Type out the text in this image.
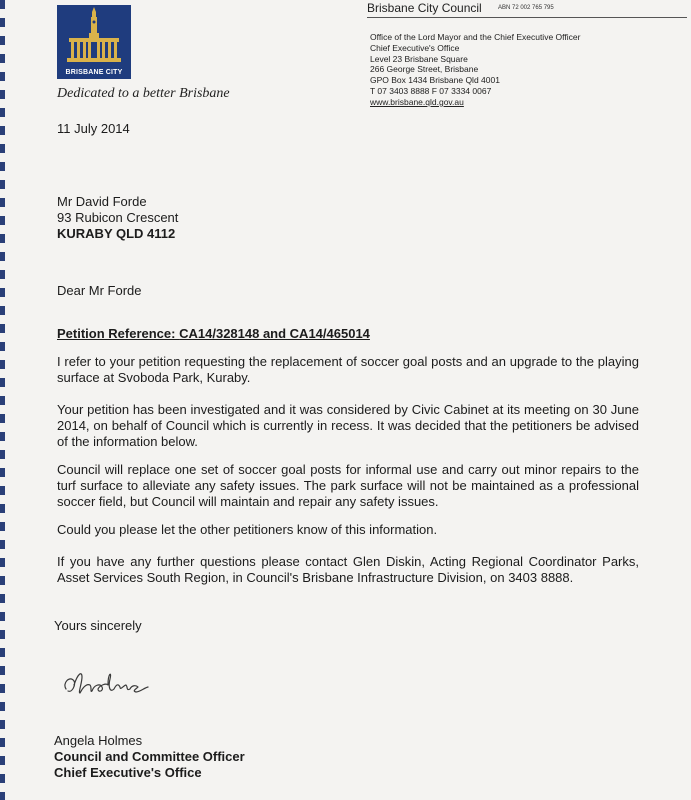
BRISBANE CITY
Dedicated to a better Brisbane
Brisbane City Council	ABN 72 002 765 795
Office of the Lord Mayor and the Chief Executive Officer
Chief Executive's Office
Level 23 Brisbane Square
266 George Street, Brisbane
GPO Box 1434 Brisbane Qld 4001
T 07 3403 8888 F 07 3334 0067
www.brisbane.qld.gov.au
11 July 2014
Mr David Forde
93 Rubicon Crescent
KURABY QLD 4112
Dear Mr Forde
Petition Reference: CA14/328148 and CA14/465014
I refer to your petition requesting the replacement of soccer goal posts and an upgrade to the playing surface at Svoboda Park, Kuraby.
Your petition has been investigated and it was considered by Civic Cabinet at its meeting on 30 June 2014, on behalf of Council which is currently in recess. It was decided that the petitioners be advised of the information below.
Council will replace one set of soccer goal posts for informal use and carry out minor repairs to the turf surface to alleviate any safety issues. The park surface will not be maintained as a professional soccer field, but Council will maintain and repair any safety issues.
Could you please let the other petitioners know of this information.
If you have any further questions please contact Glen Diskin, Acting Regional Coordinator Parks, Asset Services South Region, in Council's Brisbane Infrastructure Division, on 3403 8888.
Yours sincerely
Angela Holmes
Council and Committee Officer
Chief Executive's Office
